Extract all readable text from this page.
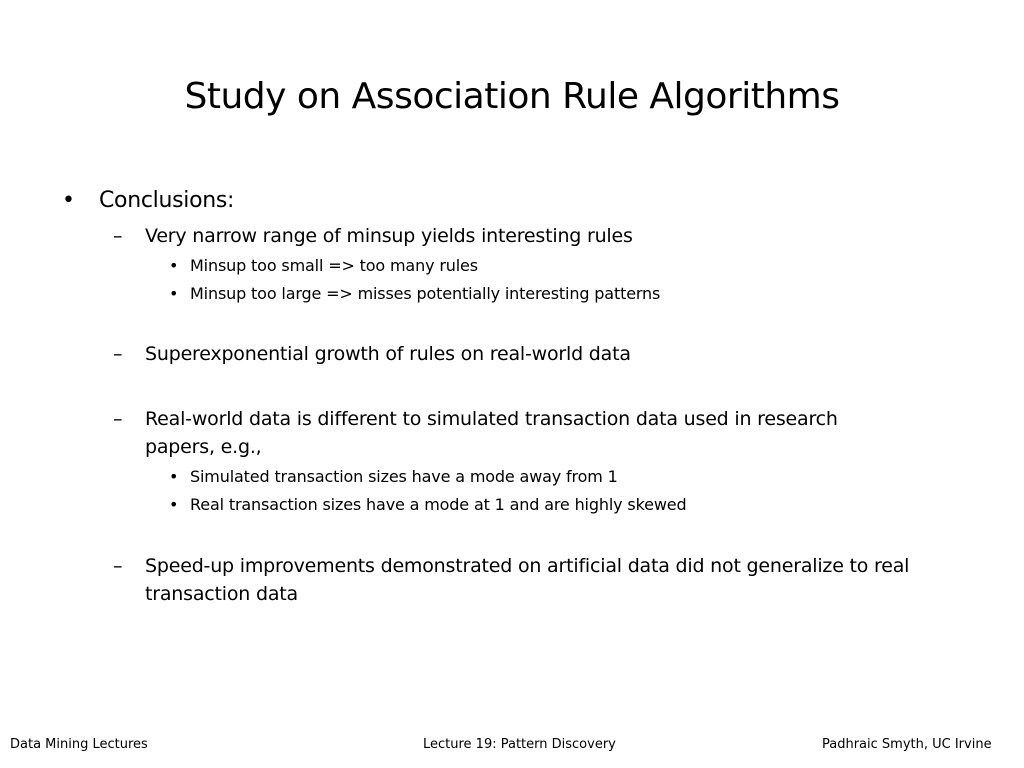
Study on Association Rule Algorithms
• Conclusions:
– Very narrow range of minsup yields interesting rules
• Minsup too small => too many rules
• Minsup too large => misses potentially interesting patterns
– Superexponential growth of rules on real-world data
– Real-world data is different to simulated transaction data used in research
papers, e.g.,
• Simulated transaction sizes have a mode away from 1
• Real transaction sizes have a mode at 1 and are highly skewed
– Speed-up improvements demonstrated on artificial data did not generalize to real
transaction data
Data Mining Lectures	Lecture 19: Pattern Discovery	Padhraic Smyth, UC Irvine
